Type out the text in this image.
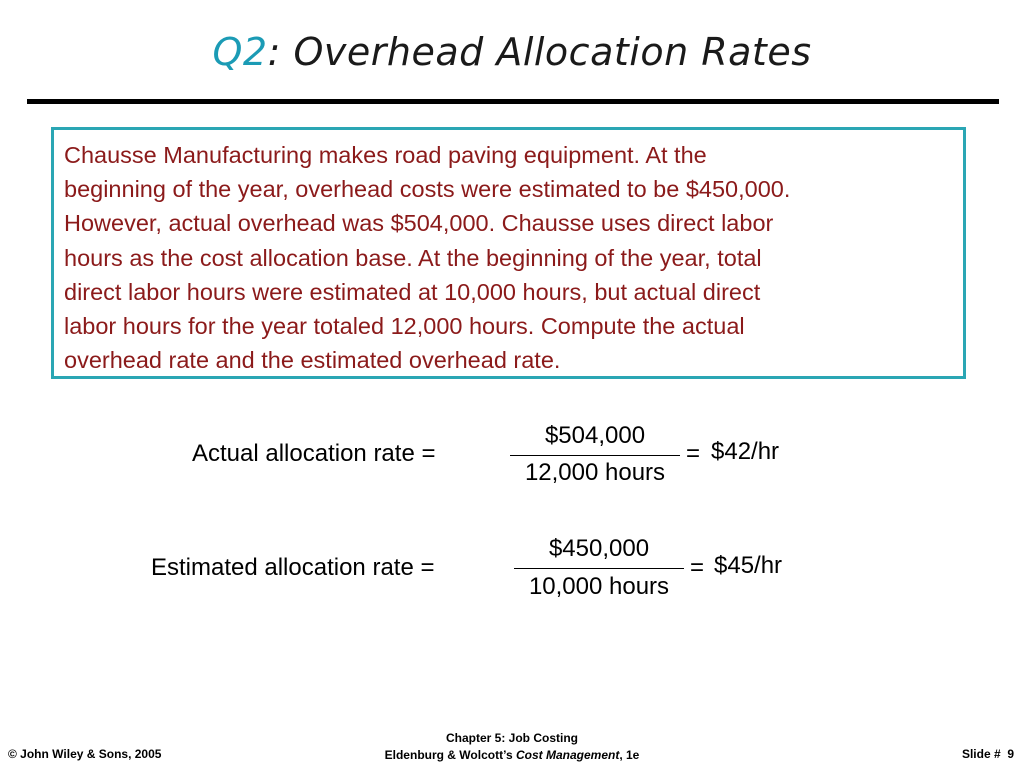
Q2: Overhead Allocation Rates

Chausse Manufacturing makes road paving equipment. At the
beginning of the year, overhead costs were estimated to be $450,000.
However, actual overhead was $504,000. Chausse uses direct labor
hours as the cost allocation base. At the beginning of the year, total
direct labor hours were estimated at 10,000 hours, but actual direct
labor hours for the year totaled 12,000 hours. Compute the actual
overhead rate and the estimated overhead rate.

Actual allocation rate =
$504,000
12,000 hours
= $42/hr
Estimated allocation rate =
$450,000
10,000 hours
= $45/hr
© John Wiley & Sons, 2005
Chapter 5: Job Costing
Eldenburg & Wolcott’s Cost Management, 1e	Slide # 9
